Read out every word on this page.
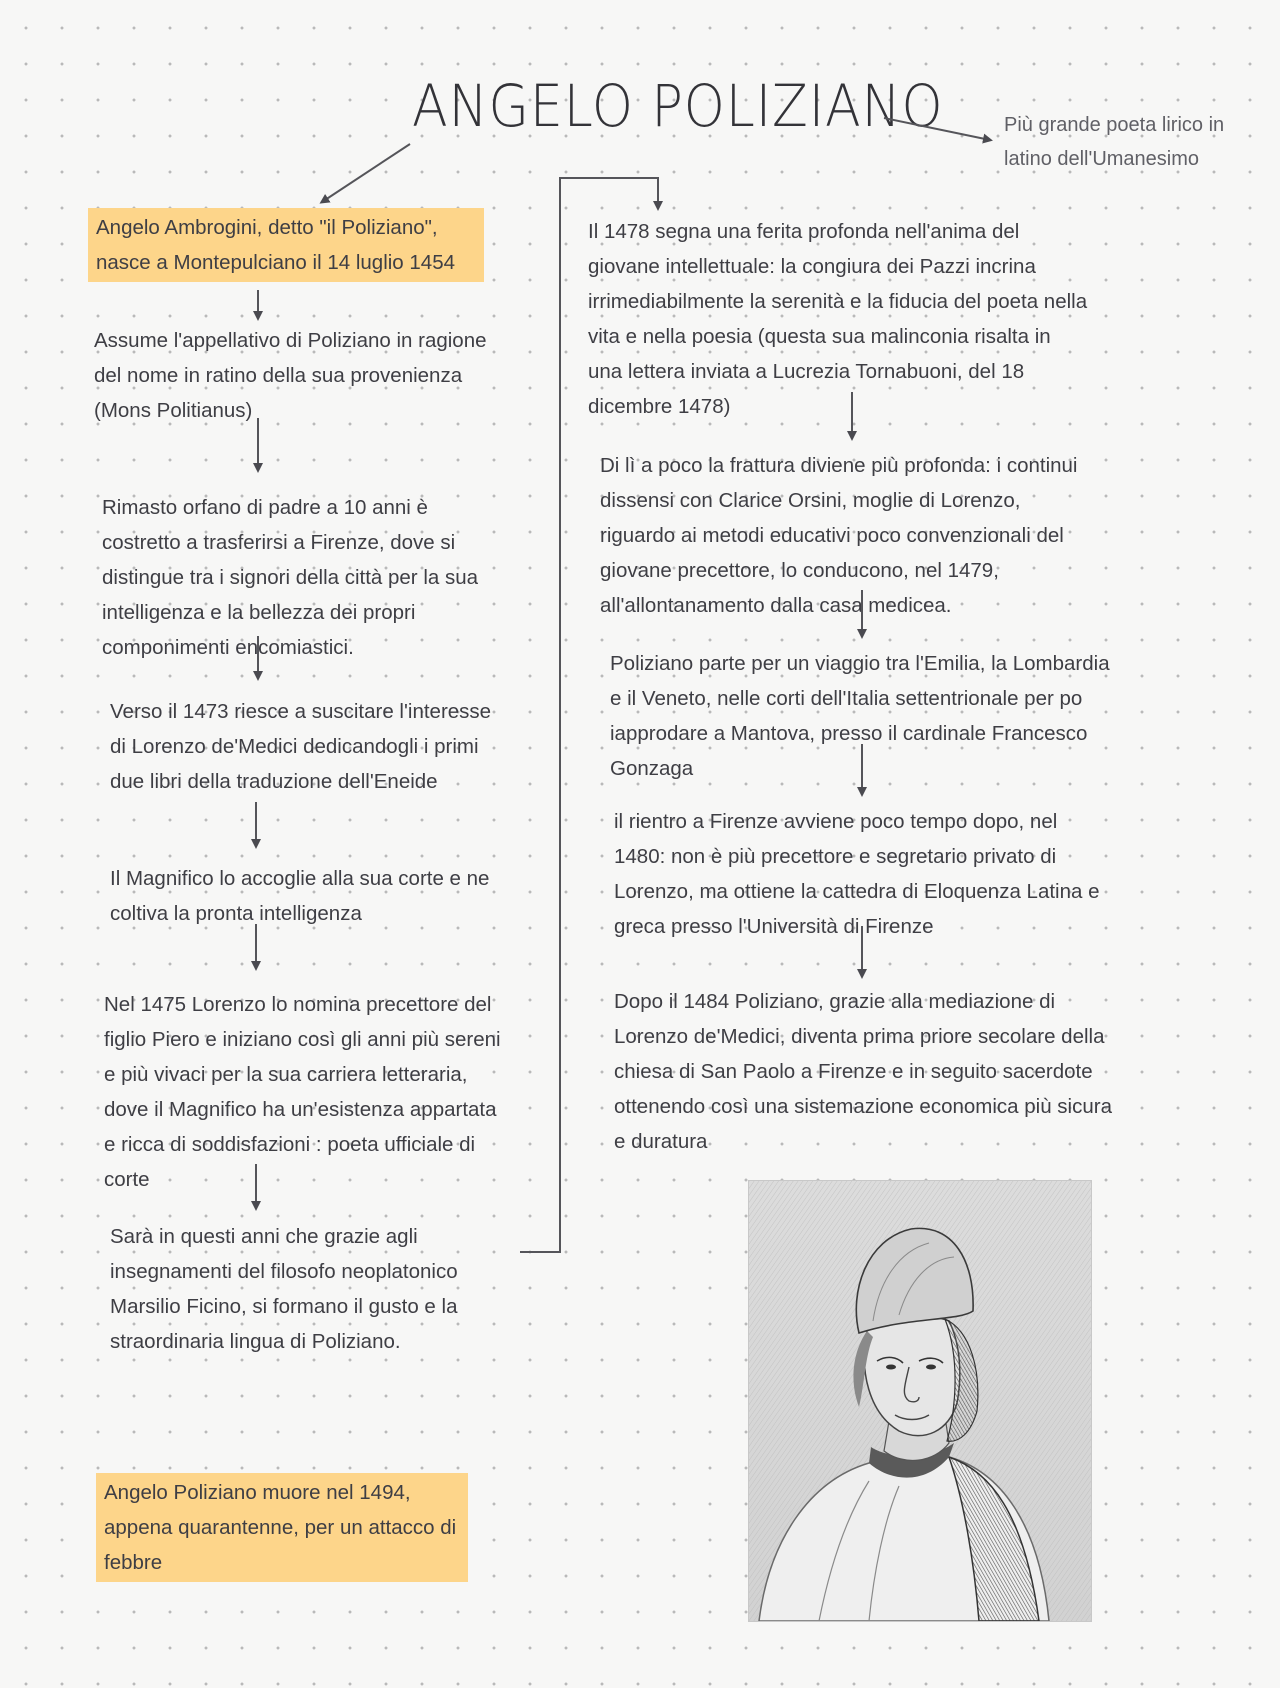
ANGELO POLIZIANO	Più grande poeta lirico in latino dell'Umanesimo
Angelo Ambrogini, detto "il Poliziano", nasce a Montepulciano il 14 luglio 1454
Assume l'appellativo di Poliziano in ragione del nome in ratino della sua provenienza (Mons Politianus)
Rimasto orfano di padre a 10 anni è costretto a trasferirsi a Firenze, dove si distingue tra i signori della città per la sua intelligenza e la bellezza dei propri componimenti encomiastici.
Verso il 1473 riesce a suscitare l'interesse di Lorenzo de'Medici dedicandogli i primi due libri della traduzione dell'Eneide
Il Magnifico lo accoglie alla sua corte e ne coltiva la pronta intelligenza
Nel 1475 Lorenzo lo nomina precettore del figlio Piero e iniziano così gli anni più sereni e più vivaci per la sua carriera letteraria, dove il Magnifico ha un'esistenza appartata e ricca di soddisfazioni : poeta ufficiale di corte
Sarà in questi anni che grazie agli insegnamenti del filosofo neoplatonico Marsilio Ficino, si formano il gusto e la straordinaria lingua di Poliziano.
Angelo Poliziano muore nel 1494, appena quarantenne, per un attacco di febbre
Il 1478 segna una ferita profonda nell'anima del giovane intellettuale: la congiura dei Pazzi incrina irrimediabilmente la serenità e la fiducia del poeta nella vita e nella poesia (questa sua malinconia risalta in una lettera inviata a Lucrezia Tornabuoni, del 18 dicembre 1478)
Di lì a poco la frattura diviene più profonda: i continui dissensi con Clarice Orsini, moglie di Lorenzo, riguardo ai metodi educativi poco convenzionali del giovane precettore, lo conducono, nel 1479, all'allontanamento dalla casa medicea.
Poliziano parte per un viaggio tra l'Emilia, la Lombardia e il Veneto, nelle corti dell'Italia settentrionale per po iapprodare a Mantova, presso il cardinale Francesco Gonzaga
il rientro a Firenze avviene poco tempo dopo, nel 1480: non è più precettore e segretario privato di Lorenzo, ma ottiene la cattedra di Eloquenza Latina e greca presso l'Università di Firenze
Dopo il 1484 Poliziano, grazie alla mediazione di Lorenzo de'Medici, diventa prima priore secolare della chiesa di San Paolo a Firenze e in seguito sacerdote ottenendo così una sistemazione economica più sicura e duratura
